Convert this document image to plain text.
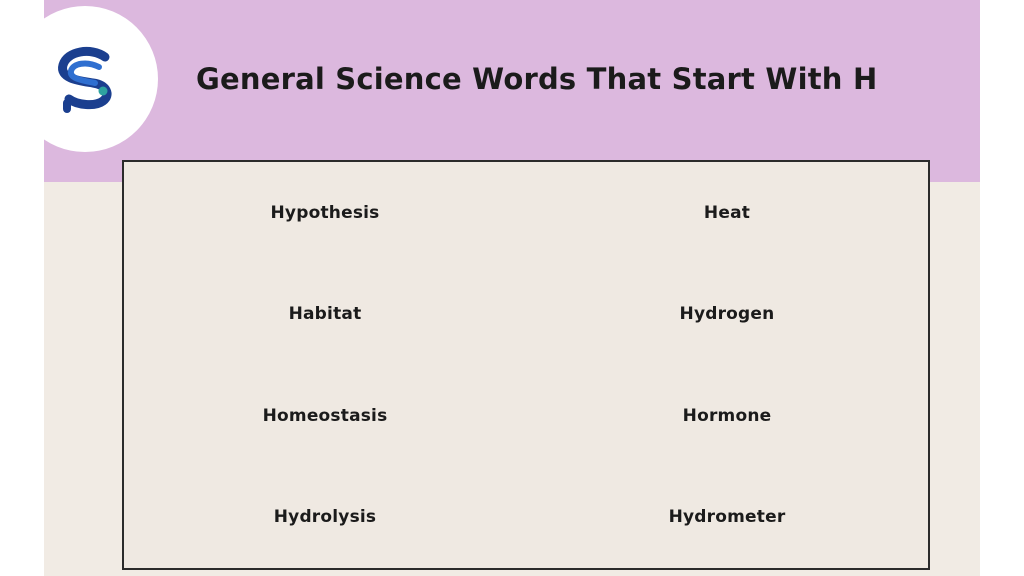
General Science Words That Start With H
Hypothesis	Heat
Habitat	Hydrogen
Homeostasis	Hormone
Hydrolysis	Hydrometer
